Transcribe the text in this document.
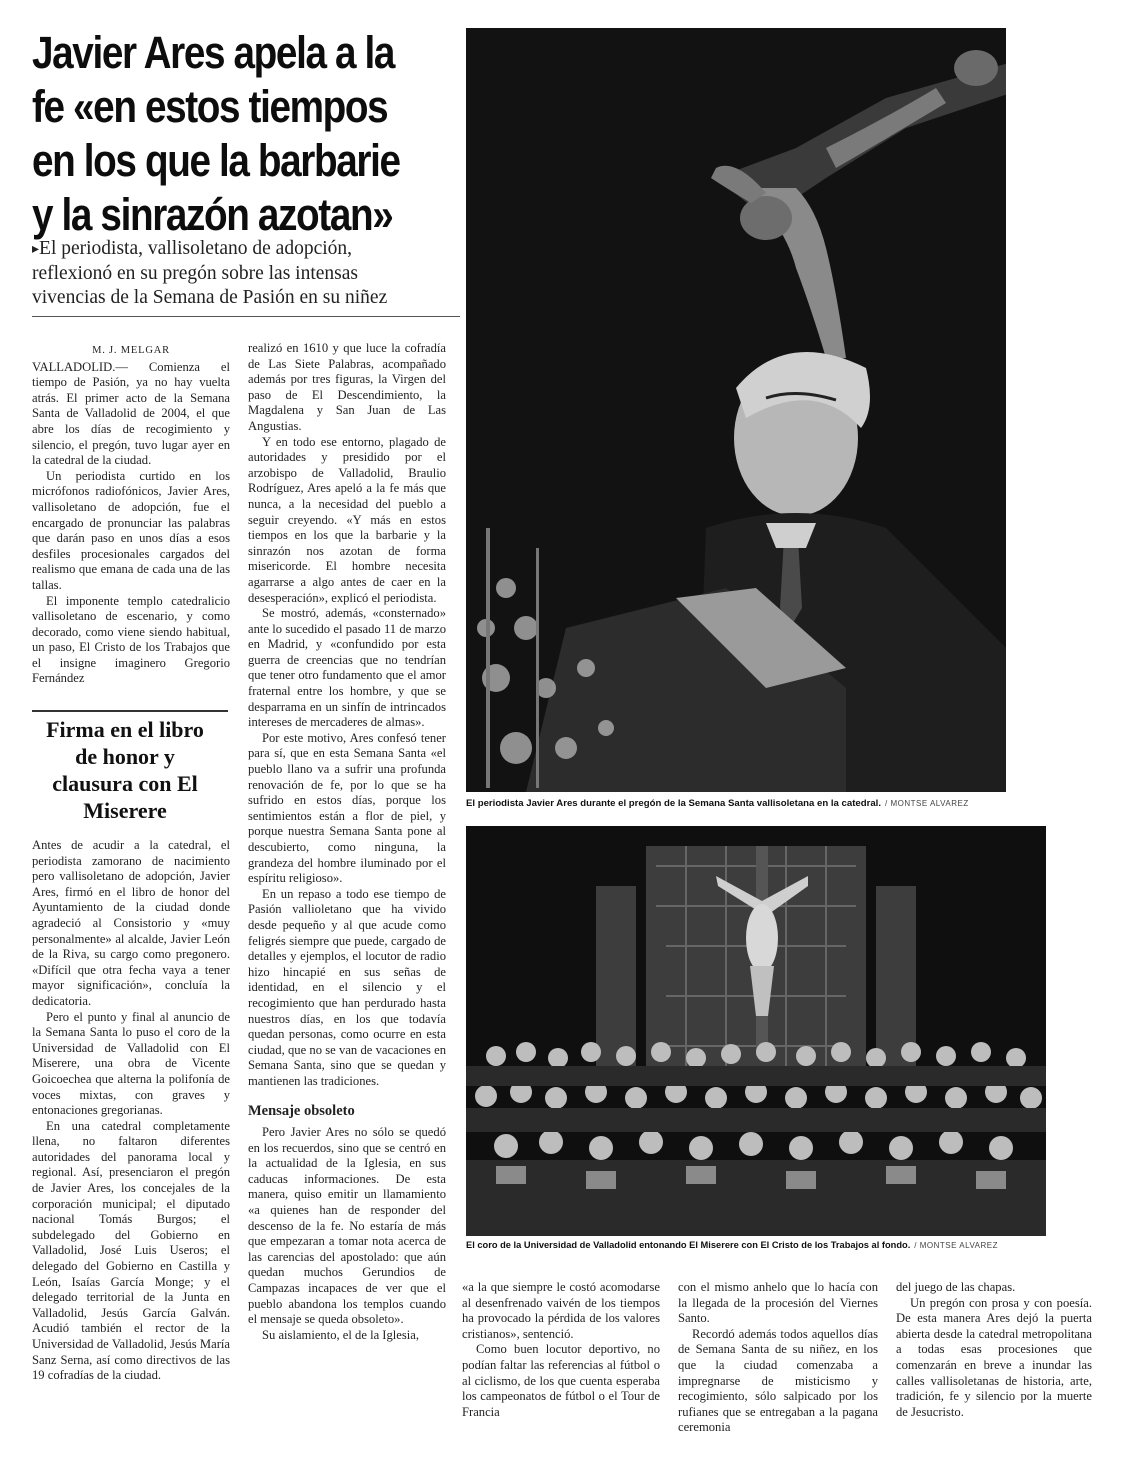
Javier Ares apela a la
fe «en estos tiempos
en los que la barbarie
y la sinrazón azotan»
▸El periodista, vallisoletano de adopción,
reflexionó en su pregón sobre las intensas
vivencias de la Semana de Pasión en su niñez
M. J. MELGAR

VALLADOLID.— Comienza el tiempo de Pasión, ya no hay vuelta atrás. El primer acto de la Semana Santa de Valladolid de 2004, el que abre los días de recogimiento y silencio, el pregón, tuvo lugar ayer en la catedral de la ciudad.

Un periodista curtido en los micrófonos radiofónicos, Javier Ares, vallisoletano de adopción, fue el encargado de pronunciar las palabras que darán paso en unos días a esos desfiles procesionales cargados del realismo que emana de cada una de las tallas.

El imponente templo catedralicio vallisoletano de escenario, y como decorado, como viene siendo habitual, un paso, El Cristo de los Trabajos que el insigne imaginero Gregorio Fernández

Firma en el libro
de honor y
clausura con El
Miserere

Antes de acudir a la catedral, el periodista zamorano de nacimiento pero vallisoletano de adopción, Javier Ares, firmó en el libro de honor del Ayuntamiento de la ciudad donde agradeció al Consistorio y «muy personalmente» al alcalde, Javier León de la Riva, su cargo como pregonero. «Difícil que otra fecha vaya a tener mayor significación», concluía la dedicatoria.

Pero el punto y final al anuncio de la Semana Santa lo puso el coro de la Universidad de Valladolid con El Miserere, una obra de Vicente Goicoechea que alterna la polifonía de voces mixtas, con graves y entonaciones gregorianas.

En una catedral completamente llena, no faltaron diferentes autoridades del panorama local y regional. Así, presenciaron el pregón de Javier Ares, los concejales de la corporación municipal; el diputado nacional Tomás Burgos; el subdelegado del Gobierno en Valladolid, José Luis Useros; el delegado del Gobierno en Castilla y León, Isaías García Monge; y el delegado territorial de la Junta en Valladolid, Jesús García Galván. Acudió también el rector de la Universidad de Valladolid, Jesús María Sanz Serna, así como directivos de las 19 cofradías de la ciudad.

realizó en 1610 y que luce la cofradía de Las Siete Palabras, acompañado además por tres figuras, la Virgen del paso de El Descendimiento, la Magdalena y San Juan de Las Angustias.

Y en todo ese entorno, plagado de autoridades y presidido por el arzobispo de Valladolid, Braulio Rodríguez, Ares apeló a la fe más que nunca, a la necesidad del pueblo a seguir creyendo. «Y más en estos tiempos en los que la barbarie y la sinrazón nos azotan de forma misericorde. El hombre necesita agarrarse a algo antes de caer en la desesperación», explicó el periodista.

Se mostró, además, «consternado» ante lo sucedido el pasado 11 de marzo en Madrid, y «confundido por esta guerra de creencias que no tendrían que tener otro fundamento que el amor fraternal entre los hombre, y que se desparrama en un sinfín de intrincados intereses de mercaderes de almas».

Por este motivo, Ares confesó tener para sí, que en esta Semana Santa «el pueblo llano va a sufrir una profunda renovación de fe, por lo que se ha sufrido en estos días, porque los sentimientos están a flor de piel, y porque nuestra Semana Santa pone al descubierto, como ninguna, la grandeza del hombre iluminado por el espíritu religioso».

En un repaso a todo ese tiempo de Pasión vallioletano que ha vivido desde pequeño y al que acude como feligrés siempre que puede, cargado de detalles y ejemplos, el locutor de radio hizo hincapié en sus señas de identidad, en el silencio y el recogimiento que han perdurado hasta nuestros días, en los que todavía quedan personas, como ocurre en esta ciudad, que no se van de vacaciones en Semana Santa, sino que se quedan y mantienen las tradiciones.

Mensaje obsoleto

Pero Javier Ares no sólo se quedó en los recuerdos, sino que se centró en la actualidad de la Iglesia, en sus caducas informaciones. De esta manera, quiso emitir un llamamiento «a quienes han de responder del descenso de la fe. No estaría de más que empezaran a tomar nota acerca de las carencias del apostolado: que aún quedan muchos Gerundios de Campazas incapaces de ver que el pueblo abandona los templos cuando el mensaje se queda obsoleto».

Su aislamiento, el de la Iglesia,

El periodista Javier Ares durante el pregón de la Semana Santa vallisoletana en la catedral. / MONTSE ALVAREZ
El coro de la Universidad de Valladolid entonando El Miserere con El Cristo de los Trabajos al fondo. / MONTSE ALVAREZ

«a la que siempre le costó acomodarse al desenfrenado vaivén de los tiempos ha provocado la pérdida de los valores cristianos», sentenció.

Como buen locutor deportivo, no podían faltar las referencias al fútbol o al ciclismo, de los que cuenta esperaba los campeonatos de fútbol o el Tour de Francia

con el mismo anhelo que lo hacía con la llegada de la procesión del Viernes Santo.

Recordó además todos aquellos días de Semana Santa de su niñez, en los que la ciudad comenzaba a impregnarse de misticismo y recogimiento, sólo salpicado por los rufianes que se entregaban a la pagana ceremonia

del juego de las chapas.

Un pregón con prosa y con poesía. De esta manera Ares dejó la puerta abierta desde la catedral metropolitana a todas esas procesiones que comenzarán en breve a inundar las calles vallisoletanas de historia, arte, tradición, fe y silencio por la muerte de Jesucristo.
